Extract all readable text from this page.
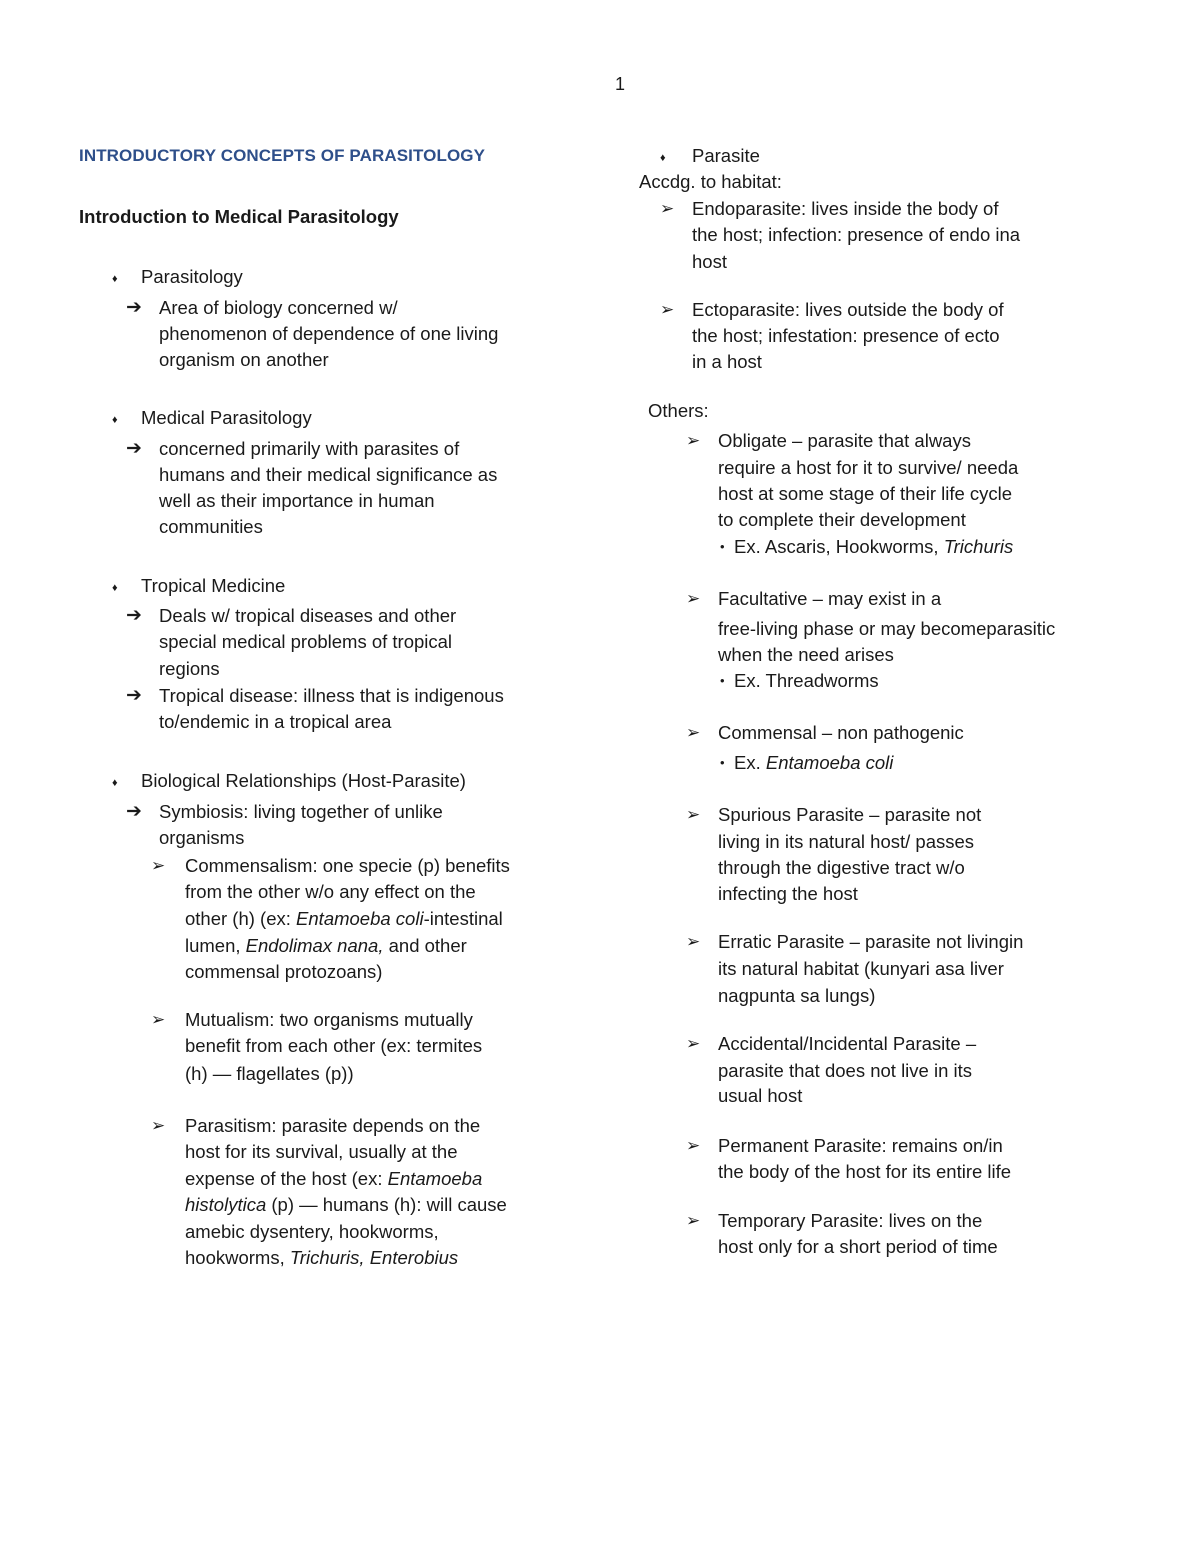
1
INTRODUCTORY CONCEPTS OF PARASITOLOGY
Introduction to Medical Parasitology
♦ Parasitology
➔ Area of biology concerned w/
phenomenon of dependence of one living
organism on another
♦ Medical Parasitology
➔ concerned primarily with parasites of
humans and their medical significance as
well as their importance in human
communities
♦ Tropical Medicine
➔ Deals w/ tropical diseases and other
special medical problems of tropical
regions
➔ Tropical disease: illness that is indigenous
to/endemic in a tropical area
♦ Biological Relationships (Host-Parasite)
➔ Symbiosis: living together of unlike
organisms
➢ Commensalism: one specie (p) benefits
from the other w/o any effect on the
other (h) (ex: Entamoeba coli-intestinal
lumen, Endolimax nana, and other
commensal protozoans)
➢ Mutualism: two organisms mutually
benefit from each other (ex: termites
(h) — flagellates (p))
➢ Parasitism: parasite depends on the
host for its survival, usually at the
expense of the host (ex: Entamoeba
histolytica (p) — humans (h): will cause
amebic dysentery, hookworms,
hookworms, Trichuris, Enterobius
♦ Parasite
Accdg. to habitat:
➢ Endoparasite: lives inside the body of
the host; infection: presence of endo ina
host
➢ Ectoparasite: lives outside the body of
the host; infestation: presence of ecto
in a host
Others:
➢ Obligate – parasite that always
require a host for it to survive/ needa
host at some stage of their life cycle
to complete their development
• Ex. Ascaris, Hookworms, Trichuris
➢ Facultative – may exist in a
free-living phase or may becomeparasitic
when the need arises
• Ex. Threadworms
➢ Commensal – non pathogenic
• Ex. Entamoeba coli
➢ Spurious Parasite – parasite not
living in its natural host/ passes
through the digestive tract w/o
infecting the host
➢ Erratic Parasite – parasite not livingin
its natural habitat (kunyari asa liver
nagpunta sa lungs)
➢ Accidental/Incidental Parasite –
parasite that does not live in its
usual host
➢ Permanent Parasite: remains on/in
the body of the host for its entire life
➢ Temporary Parasite: lives on the
host only for a short period of time
